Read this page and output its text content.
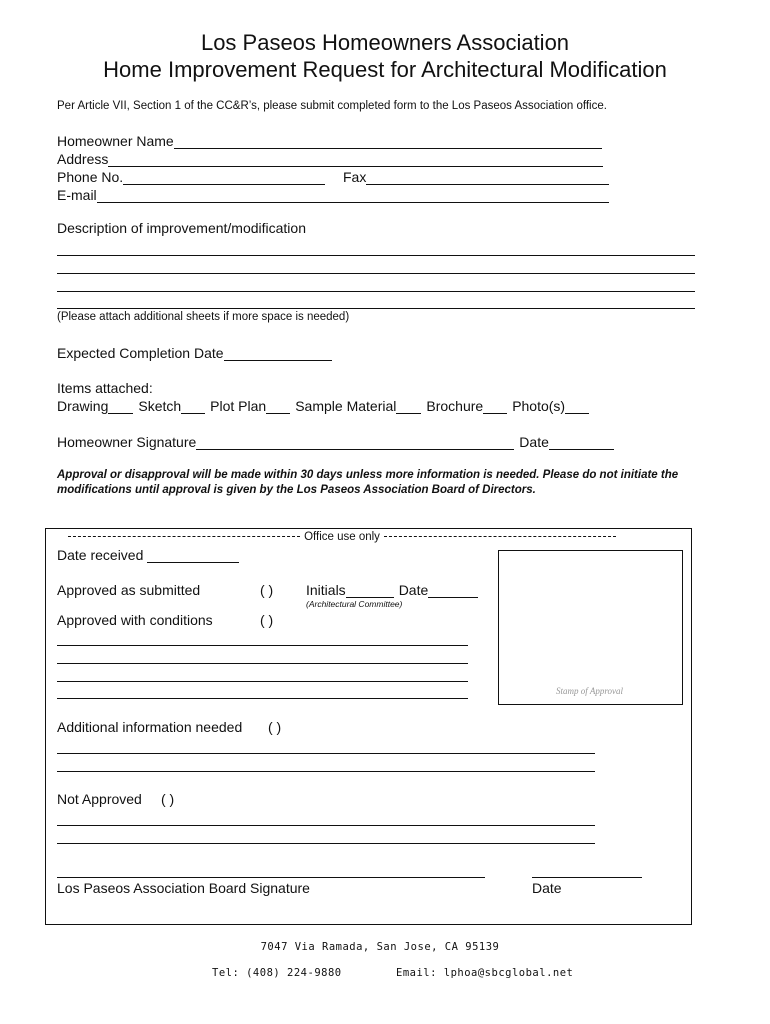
Los Paseos Homeowners Association
Home Improvement Request for Architectural Modification
Per Article VII, Section 1 of the CC&R’s, please submit completed form to the Los Paseos Association office.
Homeowner Name
Address
Phone No.	Fax
E-mail
Description of improvement/modification
(Please attach additional sheets if more space is needed)
Expected Completion Date
Items attached:
Drawing Sketch Plot Plan Sample Material Brochure Photo(s)
Homeowner Signature	Date
Approval or disapproval will be made within 30 days unless more information is needed. Please do not initiate the modifications until approval is given by the Los Paseos Association Board of Directors.
Office use only
Date received
Approved as submitted	( ) Initials	Date
(Architectural Committee)
Approved with conditions	( )
Stamp of Approval
Additional information needed ( )
Not Approved ( )
Los Paseos Association Board Signature	Date
7047 Via Ramada, San Jose, CA 95139
Tel: (408) 224-9880	Email: lphoa@sbcglobal.net
